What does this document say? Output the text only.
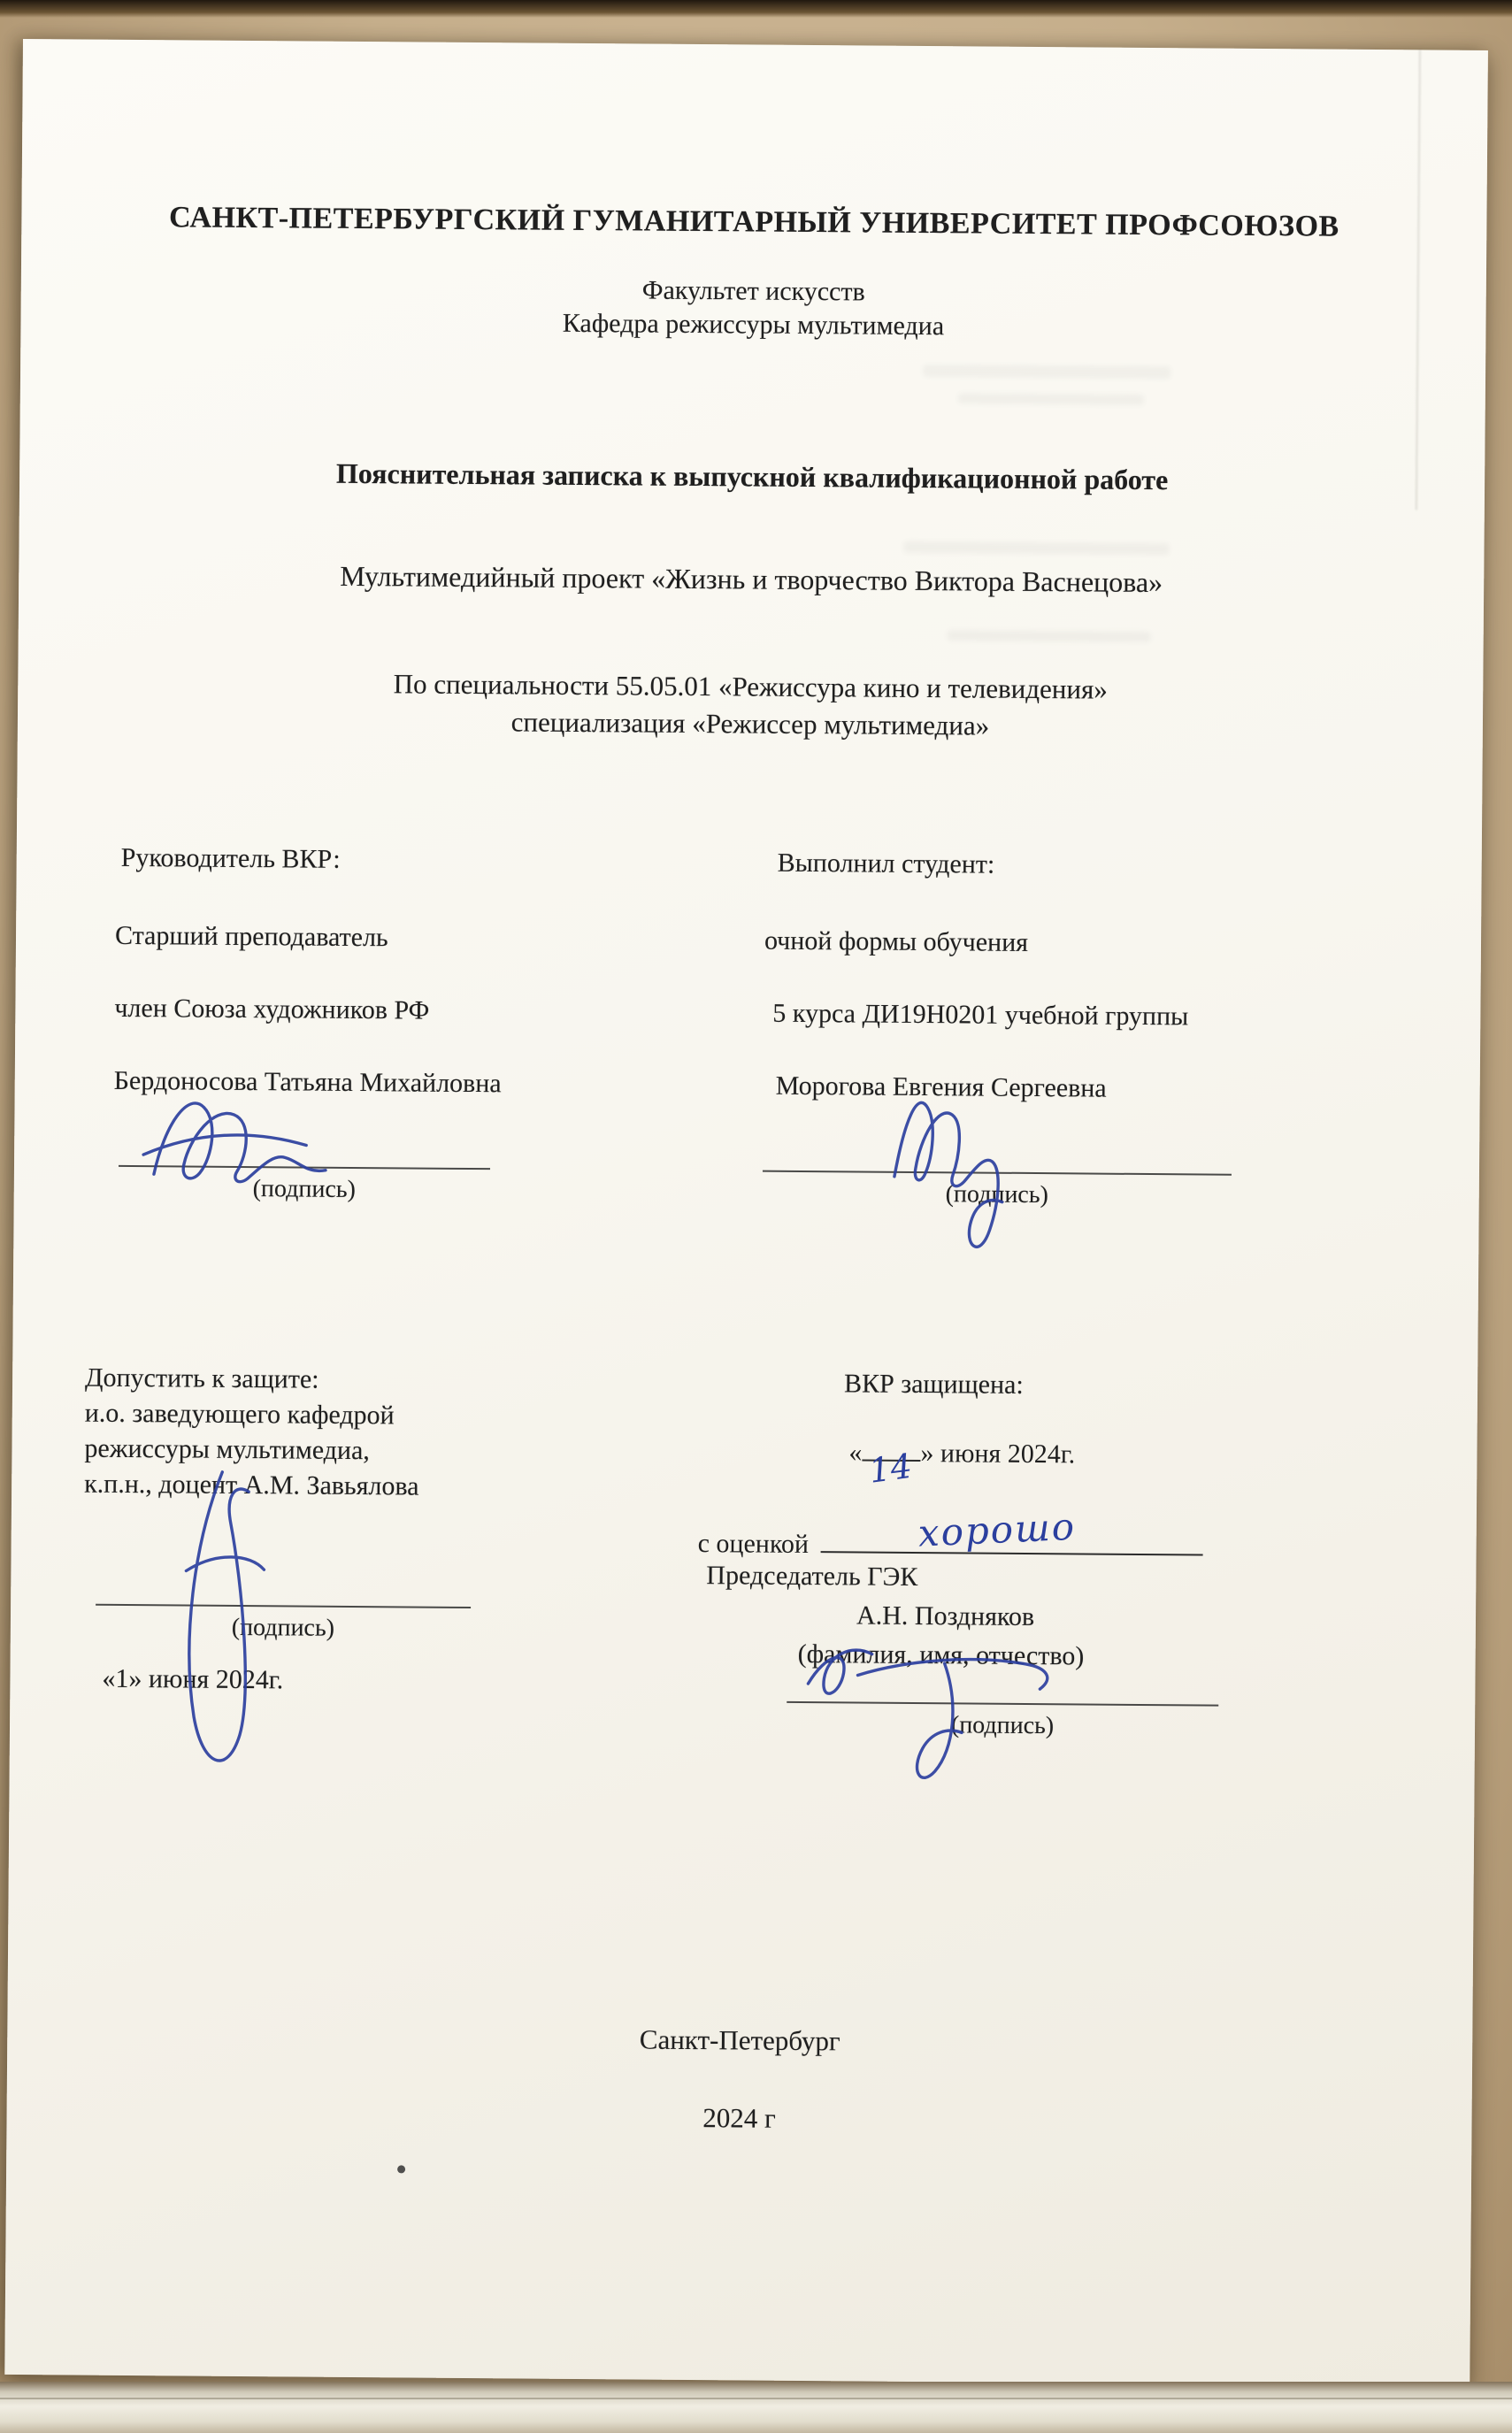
САНКТ-ПЕТЕРБУРГСКИЙ ГУМАНИТАРНЫЙ УНИВЕРСИТЕТ ПРОФСОЮЗОВ
Факультет искусств
Кафедра режиссуры мультимедиа
Пояснительная записка к выпускной квалификационной работе
Мультимедийный проект «Жизнь и творчество Виктора Васнецова»
По специальности 55.05.01 «Режиссура кино и телевидения»
специализация «Режиссер мультимедиа»
Руководитель ВКР:	Выполнил студент:
Старший преподаватель	очной формы обучения
член Союза художников РФ	5 курса ДИ19Н0201 учебной группы
Бердоносова Татьяна Михайловна	Морогова Евгения Сергеевна
(подпись)	(подпись)
Допустить к защите:
и.о. заведующего кафедрой
режиссуры мультимедиа,
к.п.н., доцент А.М. Завьялова
(подпись)
«1» июня 2024г.
ВКР защищена:
« 14 » июня 2024г.
с оценкой	хорошо
Председатель ГЭК
А.Н. Поздняков
(фамилия, имя, отчество)
(подпись)
Санкт-Петербург
2024 г
